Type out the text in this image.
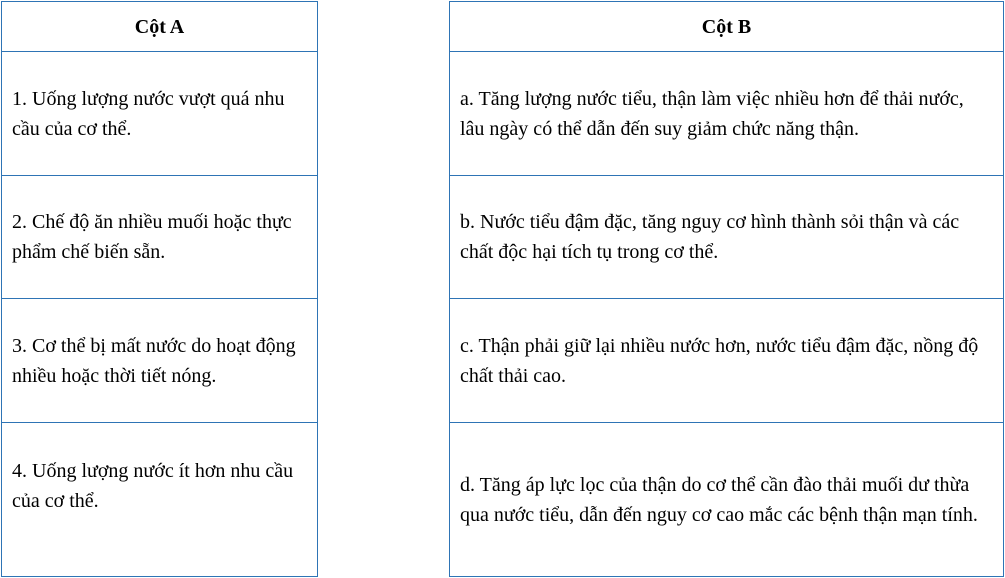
Cột A

1. Uống lượng nước vượt quá nhu cầu của cơ thể.

2. Chế độ ăn nhiều muối hoặc thực phẩm chế biến sẵn.

3. Cơ thể bị mất nước do hoạt động nhiều hoặc thời tiết nóng.

4. Uống lượng nước ít hơn nhu cầu của cơ thể.
Cột B

a. Tăng lượng nước tiểu, thận làm việc nhiều hơn để thải nước, lâu ngày có thể dẫn đến suy giảm chức năng thận.

b. Nước tiểu đậm đặc, tăng nguy cơ hình thành sỏi thận và các chất độc hại tích tụ trong cơ thể.

c. Thận phải giữ lại nhiều nước hơn, nước tiểu đậm đặc, nồng độ chất thải cao.

d. Tăng áp lực lọc của thận do cơ thể cần đào thải muối dư thừa qua nước tiểu, dẫn đến nguy cơ cao mắc các bệnh thận mạn tính.
